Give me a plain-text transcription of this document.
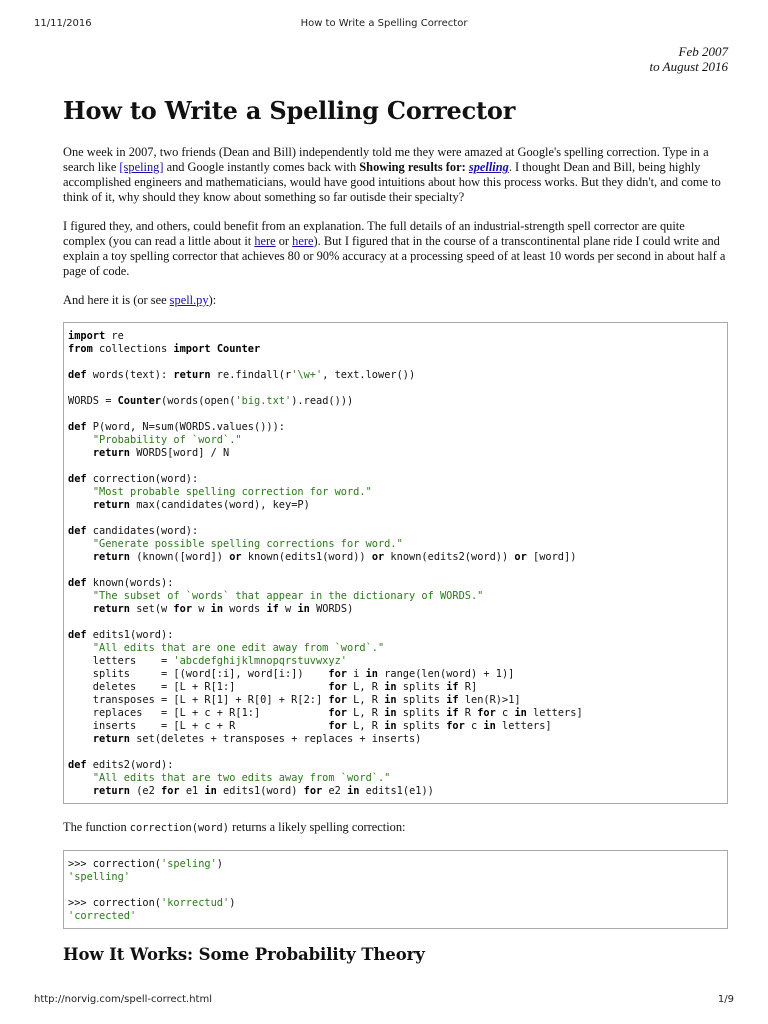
11/11/2016	How to Write a Spelling Corrector
Feb 2007
to August 2016
How to Write a Spelling Corrector

One week in 2007, two friends (Dean and Bill) independently told me they were amazed at Google's spelling correction. Type in a search like [speling] and Google instantly comes back with Showing results for: spelling. I thought Dean and Bill, being highly accomplished engineers and mathematicians, would have good intuitions about how this process works. But they didn't, and come to think of it, why should they know about something so far outisde their specialty?

I figured they, and others, could benefit from an explanation. The full details of an industrial-strength spell corrector are quite complex (you can read a little about it here or here). But I figured that in the course of a transcontinental plane ride I could write and explain a toy spelling corrector that achieves 80 or 90% accuracy at a processing speed of at least 10 words per second in about half a page of code.

And here it is (or see spell.py):

import re
from collections import Counter

def words(text): return re.findall(r'\w+', text.lower())

WORDS = Counter(words(open('big.txt').read()))

def P(word, N=sum(WORDS.values())):
"Probability of `word`."
return WORDS[word] / N

def correction(word):
"Most probable spelling correction for word."
return max(candidates(word), key=P)

def candidates(word):
"Generate possible spelling corrections for word."
return (known([word]) or known(edits1(word)) or known(edits2(word)) or [word])

def known(words):
"The subset of `words` that appear in the dictionary of WORDS."
return set(w for w in words if w in WORDS)

def edits1(word):
"All edits that are one edit away from `word`."
letters    = 'abcdefghijklmnopqrstuvwxyz'
splits     = [(word[:i], word[i:])    for i in range(len(word) + 1)]
deletes    = [L + R[1:]               for L, R in splits if R]
transposes = [L + R[1] + R[0] + R[2:] for L, R in splits if len(R)>1]
replaces   = [L + c + R[1:]           for L, R in splits if R for c in letters]
inserts    = [L + c + R               for L, R in splits for c in letters]
return set(deletes + transposes + replaces + inserts)

def edits2(word):
"All edits that are two edits away from `word`."
return (e2 for e1 in edits1(word) for e2 in edits1(e1))

The function correction(word) returns a likely spelling correction:

>>> correction('speling')
'spelling'

>>> correction('korrectud')
'corrected'
How It Works: Some Probability Theory
http://norvig.com/spell-correct.html	1/9
